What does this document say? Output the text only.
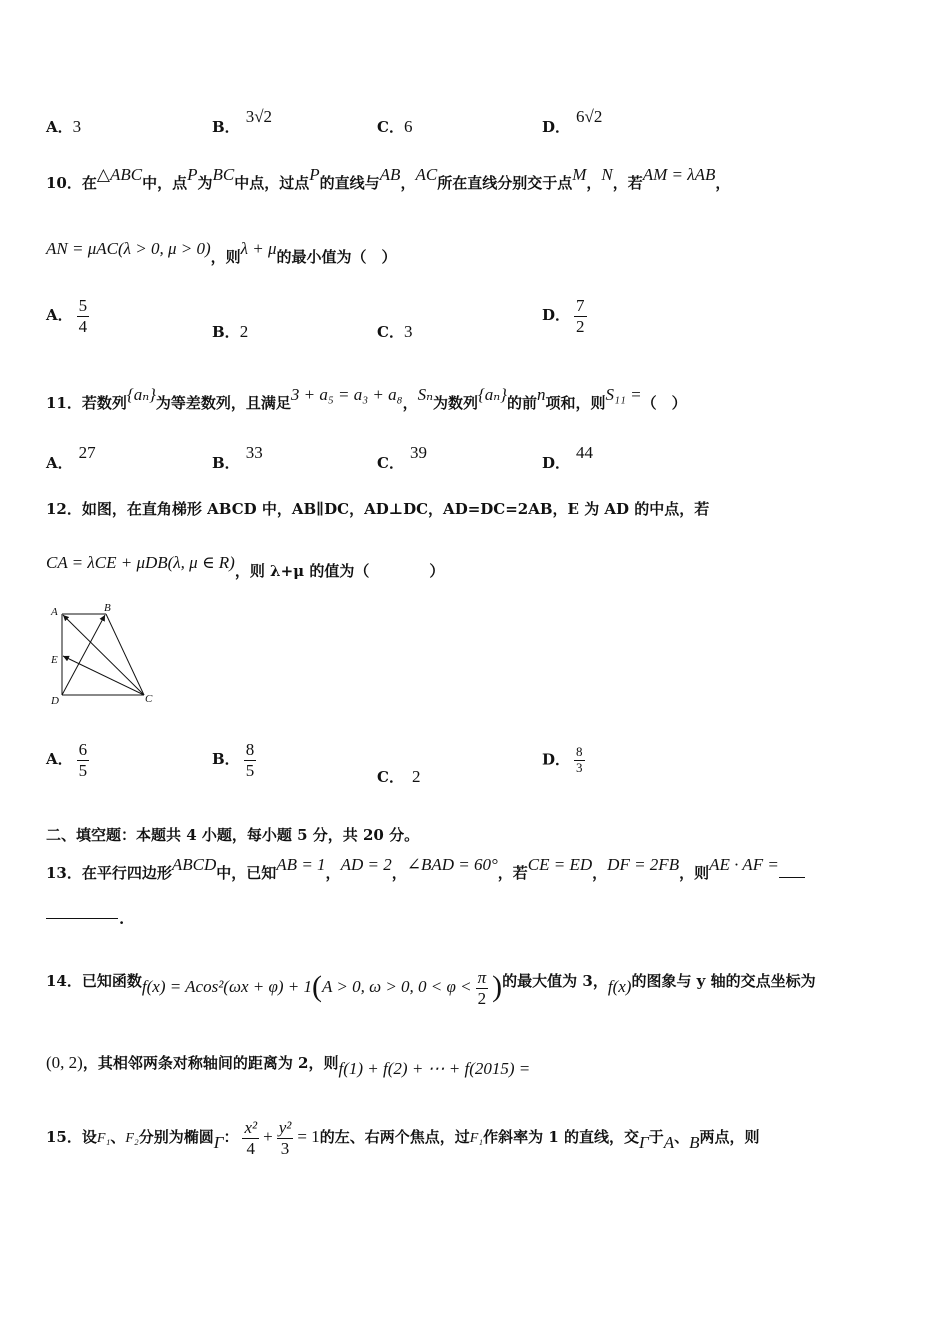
A．3	B．3√2
C．6	D．6√2
10．在△ABC中，点P为BC中点，过点P的直线与AB，AC所在直线分别交于点M，N，若AM = λAB，
AN = μAC(λ > 0, μ > 0)，则λ + μ的最小值为（　）
A． $\frac{5}{4}$	B．2	C．3
D． $\frac{7}{2}$
11．若数列{aₙ}为等差数列，且满足3 + a₅ = a₃ + a₈，Sₙ为数列{aₙ}的前n项和，则S₁₁ =（　）
A．27
B．33
C．39
D．44
12．如图，在直角梯形 ABCD 中，AB∥DC，AD⊥DC，AD=DC=2AB，E 为 AD 的中点，若
CA = λCE + μDB(λ, μ ∈ R)，则 λ+μ 的值为（　　　　）
A	B
E
D	C
A． $\frac{6}{5}$	B． $\frac{8}{5}$	C． 2
D． $\frac{8}{3}$
二、填空题：本题共 4 小题，每小题 5 分，共 20 分。
13．在平行四边形ABCD中，已知AB = 1，AD = 2，∠BAD = 60°，若CE = ED，DF = 2FB，则AE · AF =
.
14．已知函数f(x) = Acos²(ωx + φ) + 1(A > 0, ω > 0, $0 < \varphi < \frac{\pi}{2}$ )的最大值为 3，f(x)的图象与 y 轴的交点坐标为
(0, 2)，其相邻两条对称轴间的距离为 2，则f(1) + f(2) + ⋯ + f(2015) =
15．设F₁、F₂分别为椭圆Γ： $\frac{\text{x²}}{4} + \frac{\text{y²}}{3} = 1$的左、右两个焦点，过F₁作斜率为 1 的直线，交Γ于A、B两点，则
